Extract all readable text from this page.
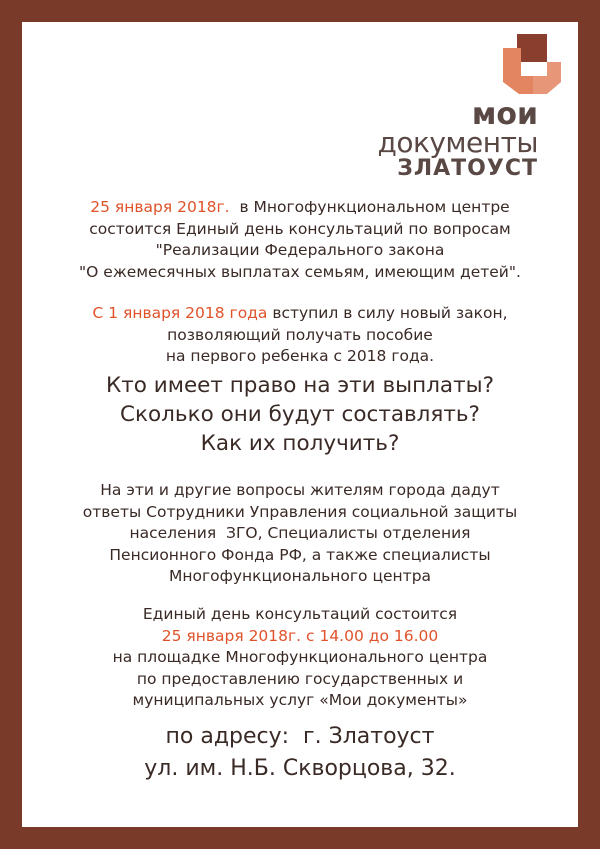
мои
документы
ЗЛАТОУСТ
25 января 2018г.  в Многофункциональном центре
состоится Единый день консультаций по вопросам
"Реализации Федерального закона
"О ежемесячных выплатах семьям, имеющим детей".
С 1 января 2018 года вступил в силу новый закон,
позволяющий получать пособие
на первого ребенка с 2018 года.
Кто имеет право на эти выплаты?
Сколько они будут составлять?
Как их получить?
На эти и другие вопросы жителям города дадут
ответы Сотрудники Управления социальной защиты
населения  ЗГО, Специалисты отделения
Пенсионного Фонда РФ, а также специалисты
Многофункционального центра
Единый день консультаций состоится
25 января 2018г. с 14.00 до 16.00
на площадке Многофункционального центра
по предоставлению государственных и
муниципальных услуг «Мои документы»
по адресу:  г. Златоуст
ул. им. Н.Б. Скворцова, 32.
